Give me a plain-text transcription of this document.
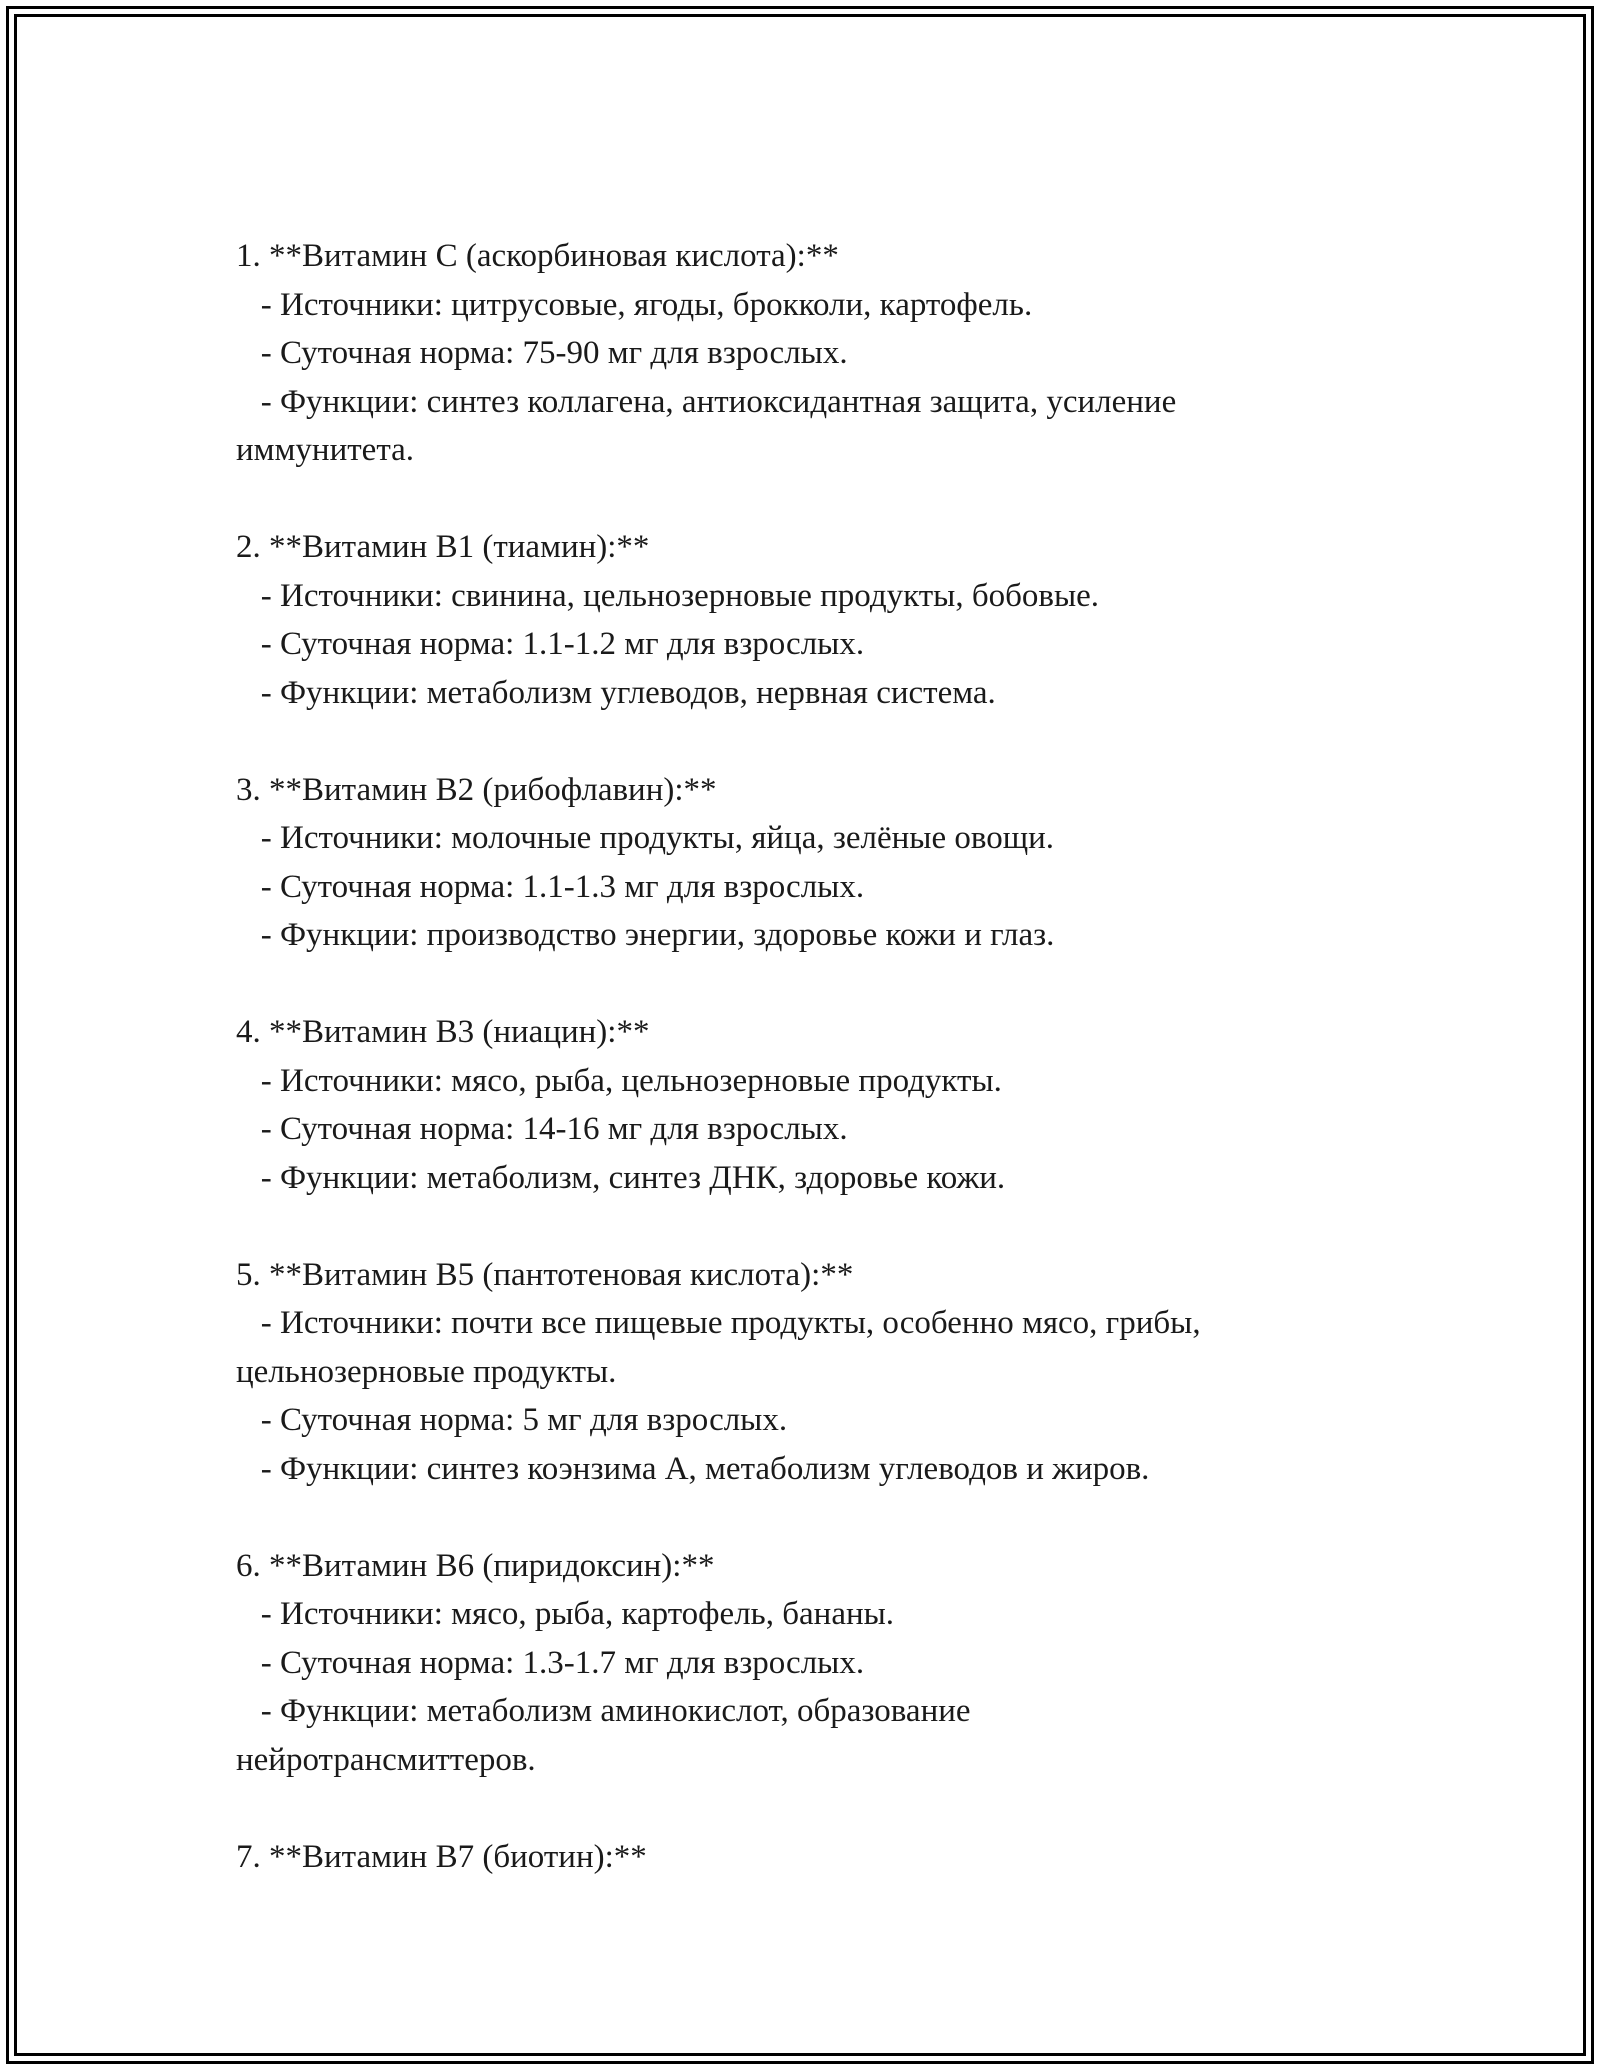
1. **Витамин C (аскорбиновая кислота):**

- Источники: цитрусовые, ягоды, брокколи, картофель.

- Суточная норма: 75-90 мг для взрослых.

- Функции: синтез коллагена, антиоксидантная защита, усиление

иммунитета.

2. **Витамин B1 (тиамин):**

- Источники: свинина, цельнозерновые продукты, бобовые.

- Суточная норма: 1.1-1.2 мг для взрослых.

- Функции: метаболизм углеводов, нервная система.

3. **Витамин B2 (рибофлавин):**

- Источники: молочные продукты, яйца, зелёные овощи.

- Суточная норма: 1.1-1.3 мг для взрослых.

- Функции: производство энергии, здоровье кожи и глаз.

4. **Витамин B3 (ниацин):**

- Источники: мясо, рыба, цельнозерновые продукты.

- Суточная норма: 14-16 мг для взрослых.

- Функции: метаболизм, синтез ДНК, здоровье кожи.

5. **Витамин B5 (пантотеновая кислота):**

- Источники: почти все пищевые продукты, особенно мясо, грибы,

цельнозерновые продукты.

- Суточная норма: 5 мг для взрослых.

- Функции: синтез коэнзима A, метаболизм углеводов и жиров.

6. **Витамин B6 (пиридоксин):**

- Источники: мясо, рыба, картофель, бананы.

- Суточная норма: 1.3-1.7 мг для взрослых.

- Функции: метаболизм аминокислот, образование

нейротрансмиттеров.

7. **Витамин B7 (биотин):**
